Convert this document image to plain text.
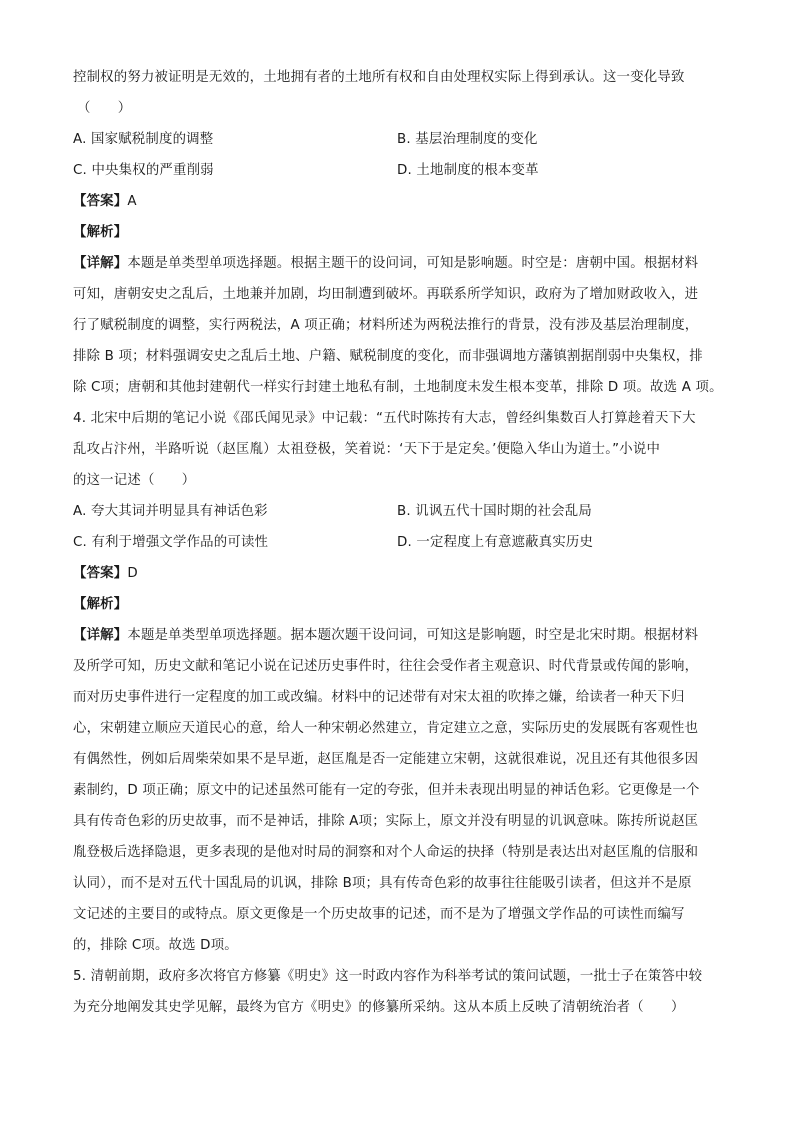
控制权的努力被证明是无效的，土地拥有者的土地所有权和自由处理权实际上得到承认。这一变化导致
（　　）
A. 国家赋税制度的调整	B. 基层治理制度的变化
C. 中央集权的严重削弱	D. 土地制度的根本变革
【答案】A
【解析】
【详解】本题是单类型单项选择题。根据主题干的设问词，可知是影响题。时空是：唐朝中国。根据材料
可知，唐朝安史之乱后，土地兼并加剧，均田制遭到破坏。再联系所学知识，政府为了增加财政收入，进
行了赋税制度的调整，实行两税法，A 项正确；材料所述为两税法推行的背景，没有涉及基层治理制度，
排除 B 项；材料强调安史之乱后土地、户籍、赋税制度的变化，而非强调地方藩镇割据削弱中央集权，排
除 C项；唐朝和其他封建朝代一样实行封建土地私有制，土地制度未发生根本变革，排除 D 项。故选 A 项。
4. 北宋中后期的笔记小说《邵氏闻见录》中记载：“五代时陈抟有大志，曾经纠集数百人打算趁着天下大
乱攻占汴州，半路听说（赵匡胤）太祖登极，笑着说：‘天下于是定矣。’便隐入华山为道士。”小说中
的这一记述（　　）
A. 夸大其词并明显具有神话色彩	B. 讥讽五代十国时期的社会乱局
C. 有利于增强文学作品的可读性	D. 一定程度上有意遮蔽真实历史
【答案】D
【解析】
【详解】本题是单类型单项选择题。据本题次题干设问词，可知这是影响题，时空是北宋时期。根据材料
及所学可知，历史文献和笔记小说在记述历史事件时，往往会受作者主观意识、时代背景或传闻的影响，
而对历史事件进行一定程度的加工或改编。材料中的记述带有对宋太祖的吹捧之嫌，给读者一种天下归
心，宋朝建立顺应天道民心的意，给人一种宋朝必然建立，肯定建立之意，实际历史的发展既有客观性也
有偶然性，例如后周柴荣如果不是早逝，赵匡胤是否一定能建立宋朝，这就很难说，况且还有其他很多因
素制约，D 项正确；原文中的记述虽然可能有一定的夸张，但并未表现出明显的神话色彩。它更像是一个
具有传奇色彩的历史故事，而不是神话，排除 A项；实际上，原文并没有明显的讥讽意味。陈抟所说赵匡
胤登极后选择隐退，更多表现的是他对时局的洞察和对个人命运的抉择（特别是表达出对赵匡胤的信服和
认同），而不是对五代十国乱局的讥讽，排除 B项；具有传奇色彩的故事往往能吸引读者，但这并不是原
文记述的主要目的或特点。原文更像是一个历史故事的记述，而不是为了增强文学作品的可读性而编写
的，排除 C项。故选 D项。
5. 清朝前期，政府多次将官方修纂《明史》这一时政内容作为科举考试的策问试题，一批士子在策答中较
为充分地阐发其史学见解，最终为官方《明史》的修纂所采纳。这从本质上反映了清朝统治者（　　）
